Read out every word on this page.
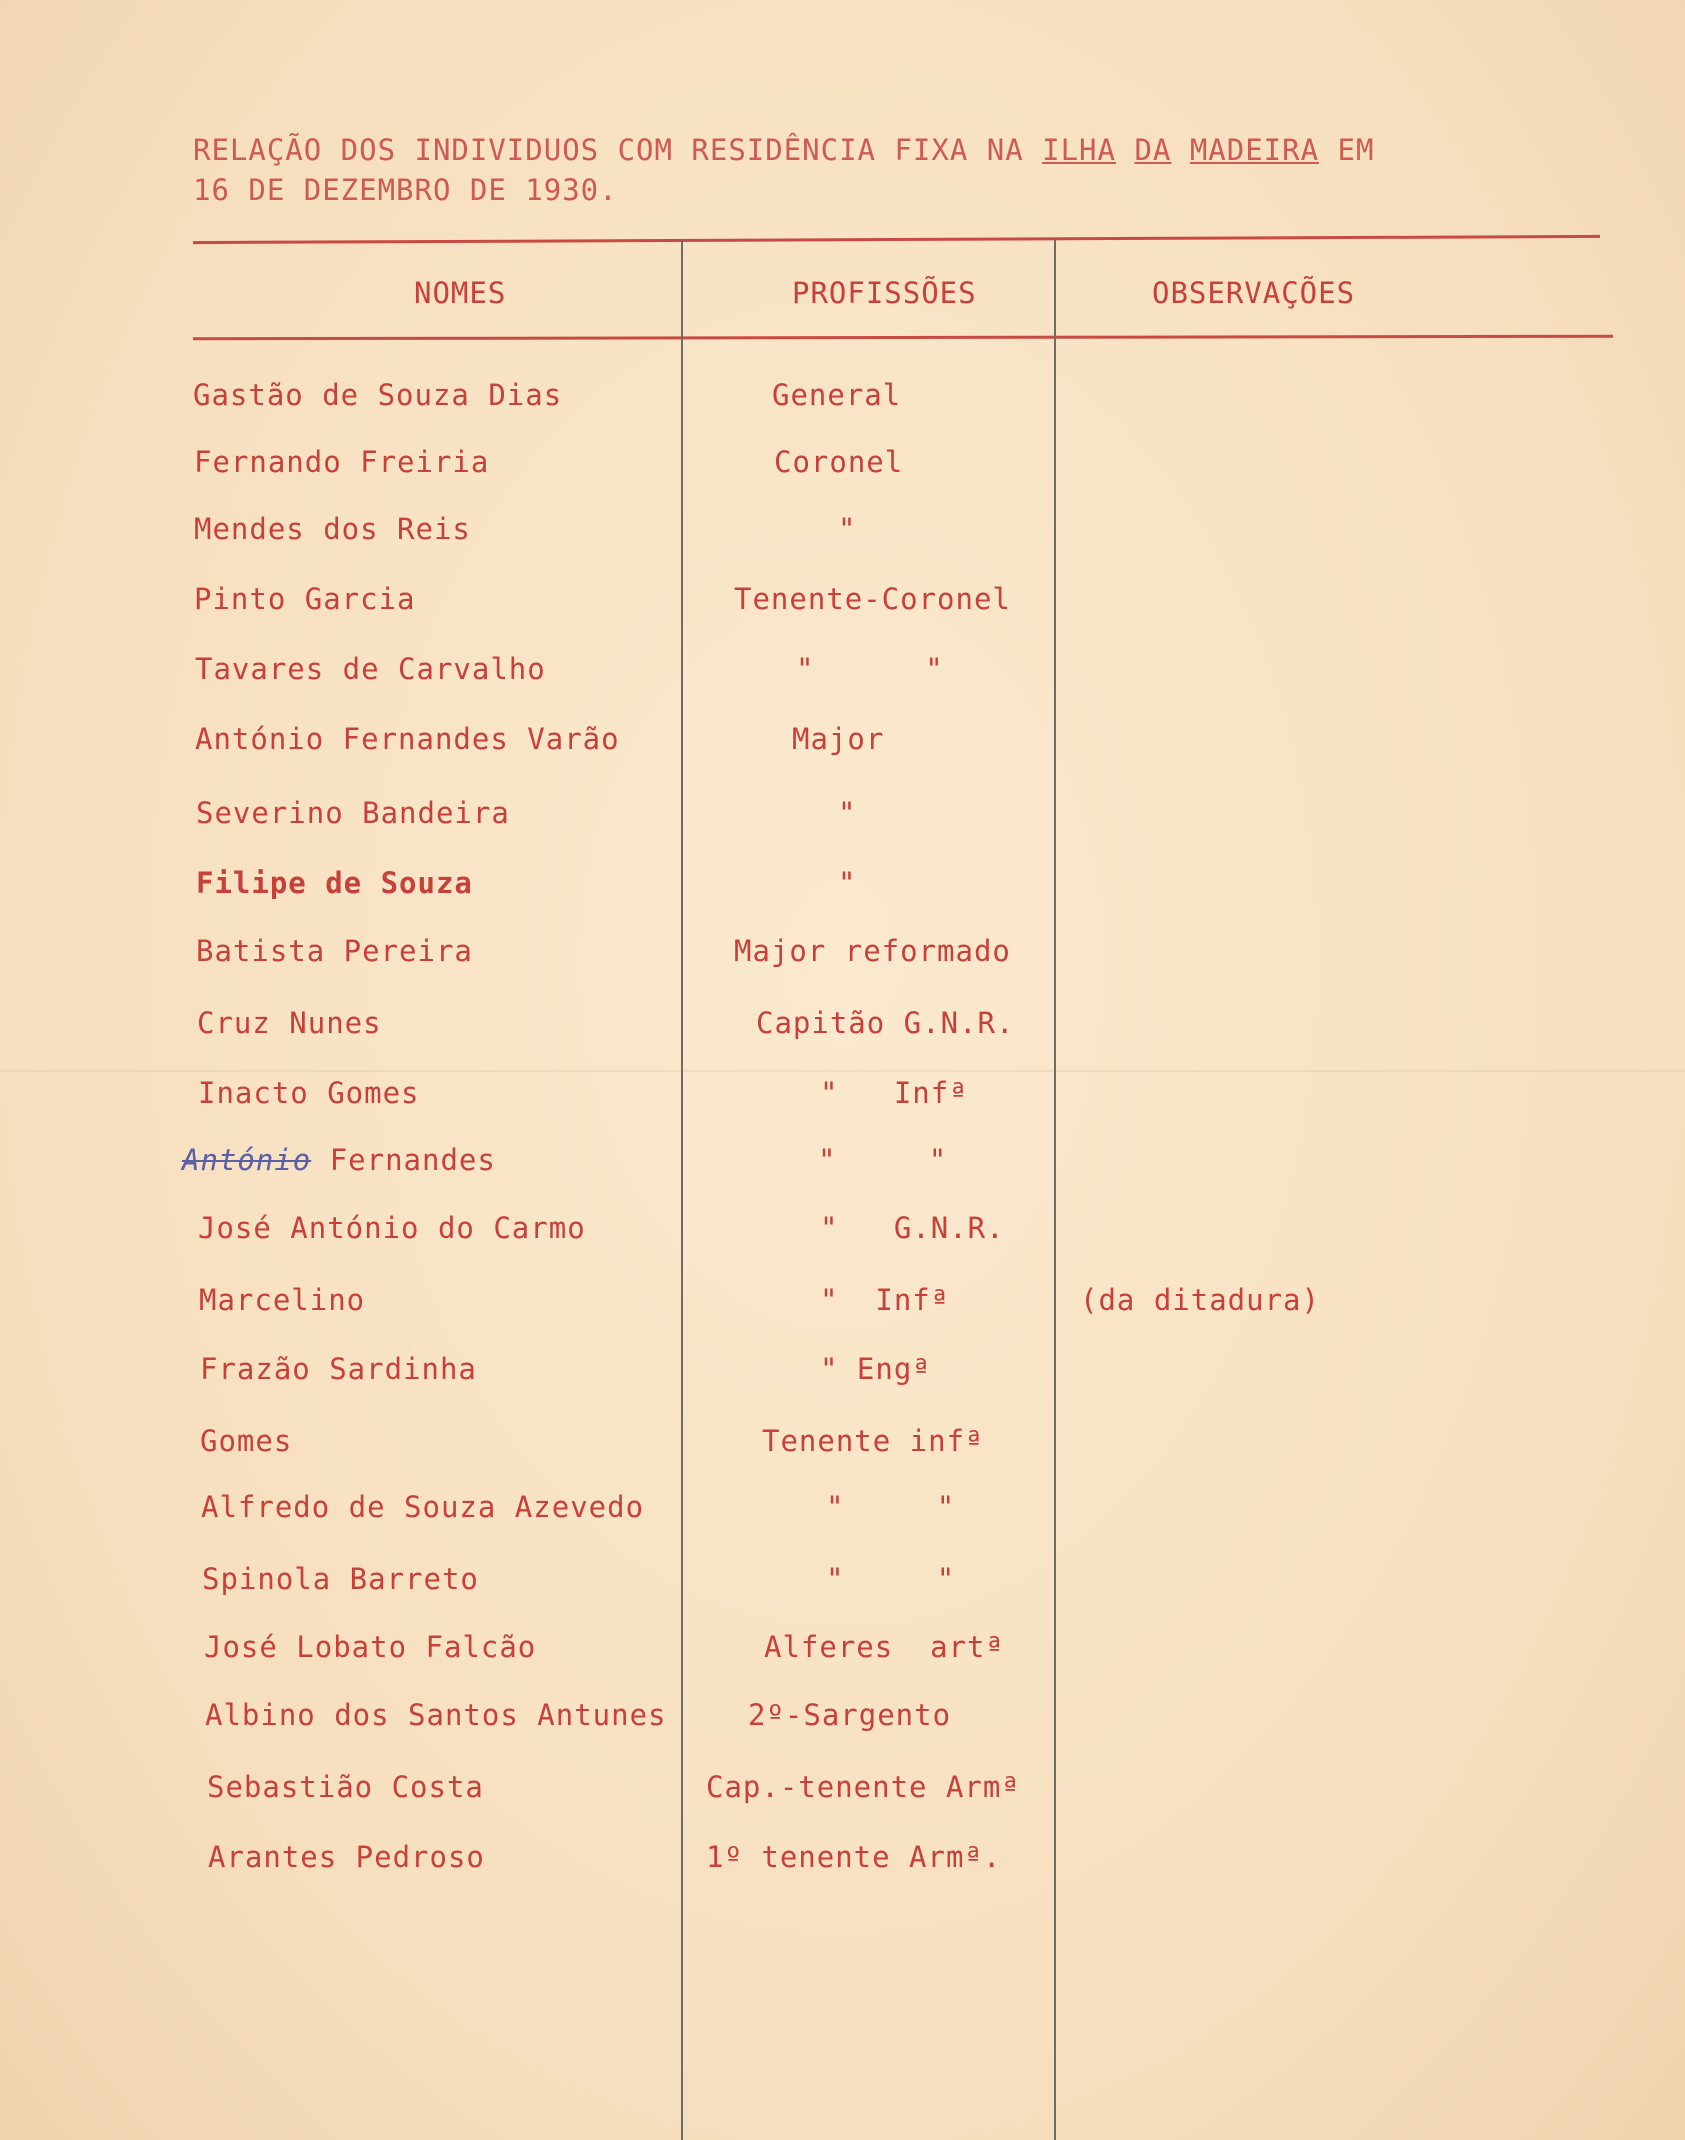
RELAÇÃO DOS INDIVIDUOS COM RESIDÊNCIA FIXA NA ILHA DA MADEIRA EM
16 DE DEZEMBRO DE 1930.
NOMES	PROFISSÕES	OBSERVAÇÕES
Gastão de Souza Dias	General
Fernando Freiria	Coronel
Mendes dos Reis	"
Pinto Garcia	Tenente-Coronel
Tavares de Carvalho	"      "
António Fernandes Varão	Major
Severino Bandeira	"
Filipe de Souza	"
Batista Pereira	Major reformado
Cruz Nunes	Capitão G.N.R.
Inacto Gomes	"   Infª
António Fernandes	"     "
José António do Carmo	"   G.N.R.
Marcelino	"  Infª	(da ditadura)
Frazão Sardinha	" Engª
Gomes	Tenente infª
Alfredo de Souza Azevedo	"     "
Spinola Barreto	"     "
José Lobato Falcão	Alferes  artª
Albino dos Santos Antunes	2º-Sargento
Sebastião Costa	Cap.-tenente Armª
Arantes Pedroso	1º tenente Armª.
